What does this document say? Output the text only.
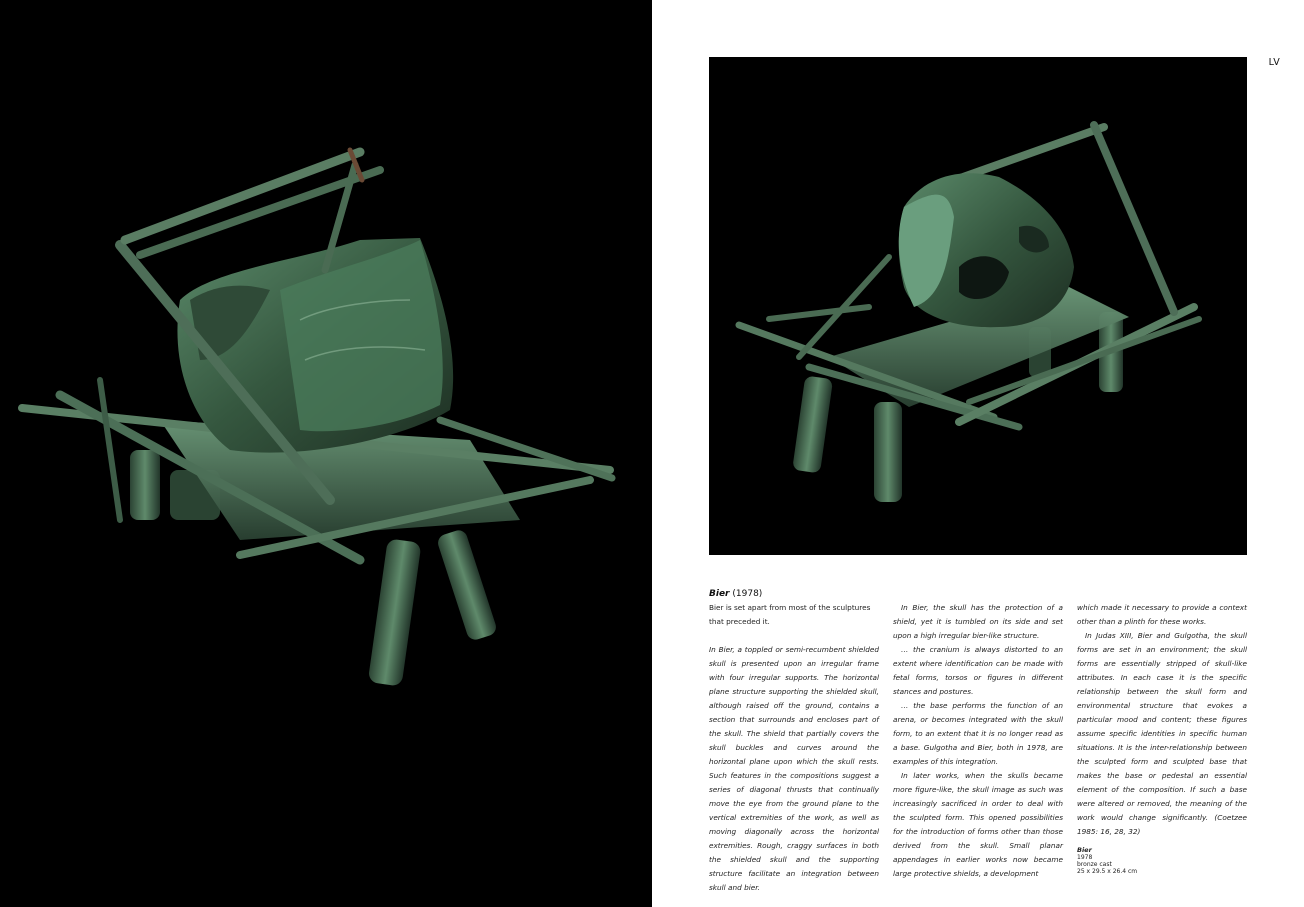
LV
Bier (1978)

Bier is set apart from most of the sculptures that preceded it.

In Bier, a toppled or semi-recumbent shielded skull is presented upon an irregular frame with four irregular supports. The horizontal plane structure supporting the shielded skull, although raised off the ground, contains a section that surrounds and encloses part of the skull. The shield that partially covers the skull buckles and curves around the horizontal plane upon which the skull rests. Such features in the compositions suggest a series of diagonal thrusts that continually move the eye from the ground plane to the vertical extremities of the work, as well as moving diagonally across the horizontal extremities. Rough, craggy surfaces in both the shielded skull and the supporting structure facilitate an integration between skull and bier.

In Bier, the skull has the protection of a shield, yet it is tumbled on its side and set upon a high irregular bier-like structure.

… the cranium is always distorted to an extent where identification can be made with fetal forms, torsos or figures in different stances and postures.

… the base performs the function of an arena, or becomes integrated with the skull form, to an extent that it is no longer read as a base. Gulgotha and Bier, both in 1978, are examples of this integration.

In later works, when the skulls became more figure-like, the skull image as such was increasingly sacrificed in order to deal with the sculpted form. This opened possibilities for the introduction of forms other than those derived from the skull. Small planar appendages in earlier works now became large protective shields, a development

which made it necessary to provide a context other than a plinth for these works.

In Judas XIII, Bier and Gulgotha, the skull forms are set in an environment; the skull forms are essentially stripped of skull-like attributes. In each case it is the specific relationship between the skull form and environmental structure that evokes a particular mood and content; these figures assume specific identities in specific human situations. It is the inter-relationship between the sculpted form and sculpted base that makes the base or pedestal an essential element of the composition. If such a base were altered or removed, the meaning of the work would change significantly. (Coetzee 1985: 16, 28, 32)

Bier
1978
bronze cast
25 x 29.5 x 26.4 cm
